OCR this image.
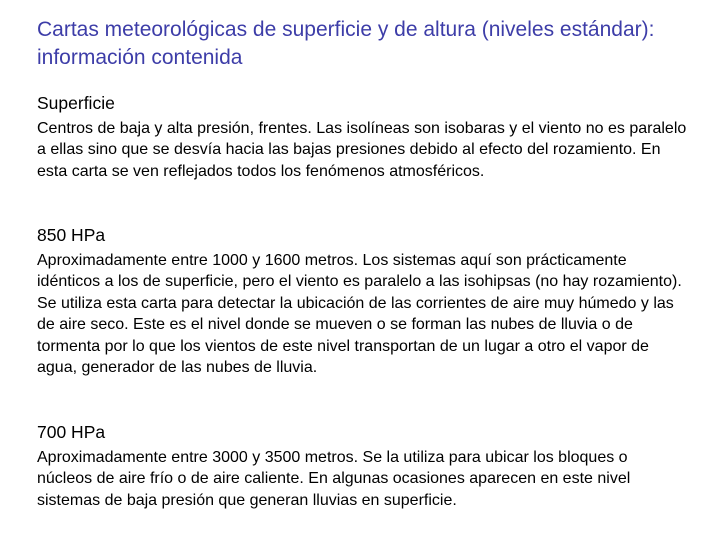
Cartas meteorológicas de superficie y de altura (niveles estándar): información contenida
Superficie

Centros de baja y alta presión, frentes. Las isolíneas son isobaras y el viento no es paralelo a ellas sino que se desvía hacia las bajas presiones debido al efecto del rozamiento. En esta carta se ven reflejados todos los fenómenos atmosféricos.

850 HPa

Aproximadamente entre 1000 y 1600 metros. Los sistemas aquí son prácticamente idénticos a los de superficie, pero el viento es paralelo a las isohipsas (no hay rozamiento). Se utiliza esta carta para detectar la ubicación de las corrientes de aire muy húmedo y las de aire seco. Este es el nivel donde se mueven o se forman las nubes de lluvia o de tormenta por lo que los vientos de este nivel transportan de un lugar a otro el vapor de agua, generador de las nubes de lluvia.

700 HPa

Aproximadamente entre 3000 y 3500 metros. Se la utiliza para ubicar los bloques o núcleos de aire frío o de aire caliente. En algunas ocasiones aparecen en este nivel sistemas de baja presión que generan lluvias en superficie.
